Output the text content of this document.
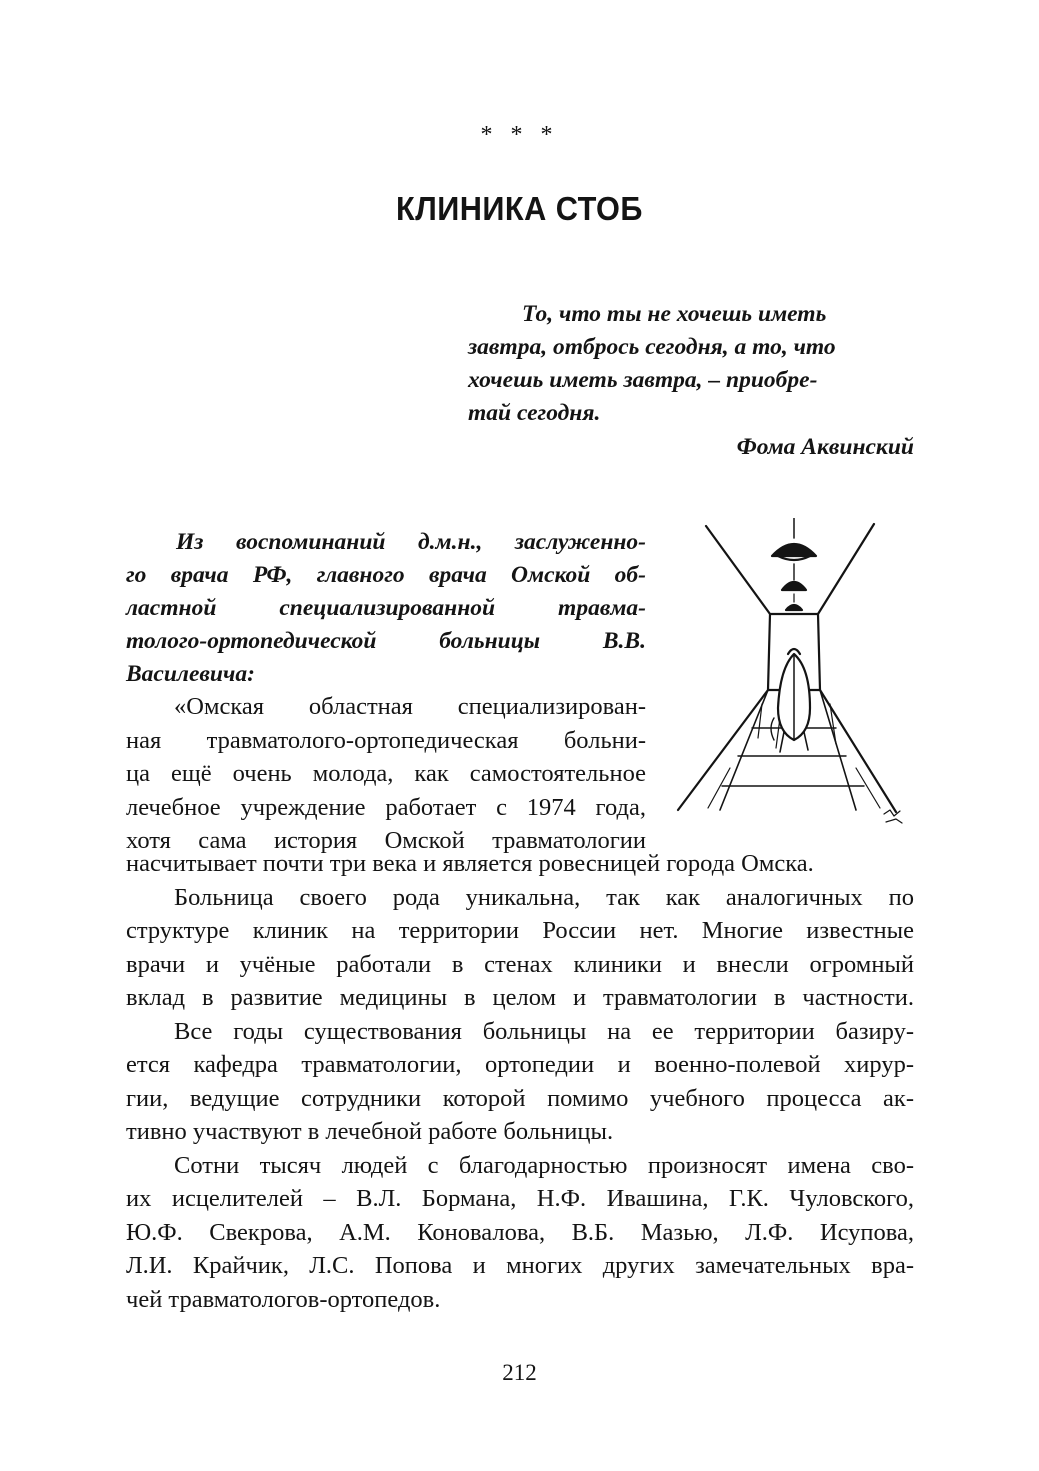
* * *
КЛИНИКА СТОБ
То, что ты не хочешь иметь
завтра, отбрось сегодня, а то, что
хочешь иметь завтра, – приобре-
тай сегодня.
Фома Аквинский
Из воспоминаний д.м.н., заслуженно-
го врача РФ, главного врача Омской об-
ластной специализированной травма-
толого-ортопедической больницы В.В.
Василевича:
«Омская областная специализирован-
ная травматолого-ортопедическая больни-
ца ещё очень молода, как самостоятельное
лечебное учреждение работает с 1974 года,
хотя сама история Омской травматологии
насчитывает почти три века и является ровесницей города Омска.
Больница своего рода уникальна, так как аналогичных по
структуре клиник на территории России нет. Многие известные
врачи и учёные работали в стенах клиники и внесли огромный
вклад в развитие медицины в целом и травматологии в частности.
Все годы существования больницы на ее территории базиру-
ется кафедра травматологии, ортопедии и военно-полевой хирур-
гии, ведущие сотрудники которой помимо учебного процесса ак-
тивно участвуют в лечебной работе больницы.
Сотни тысяч людей с благодарностью произносят имена сво-
их исцелителей – В.Л. Бормана, Н.Ф. Ивашина, Г.К. Чуловского,
Ю.Ф. Свекрова, А.М. Коновалова, В.Б. Мазью, Л.Ф. Исупова,
Л.И. Крайчик, Л.С. Попова и многих других замечательных вра-
чей травматологов-ортопедов.
212
